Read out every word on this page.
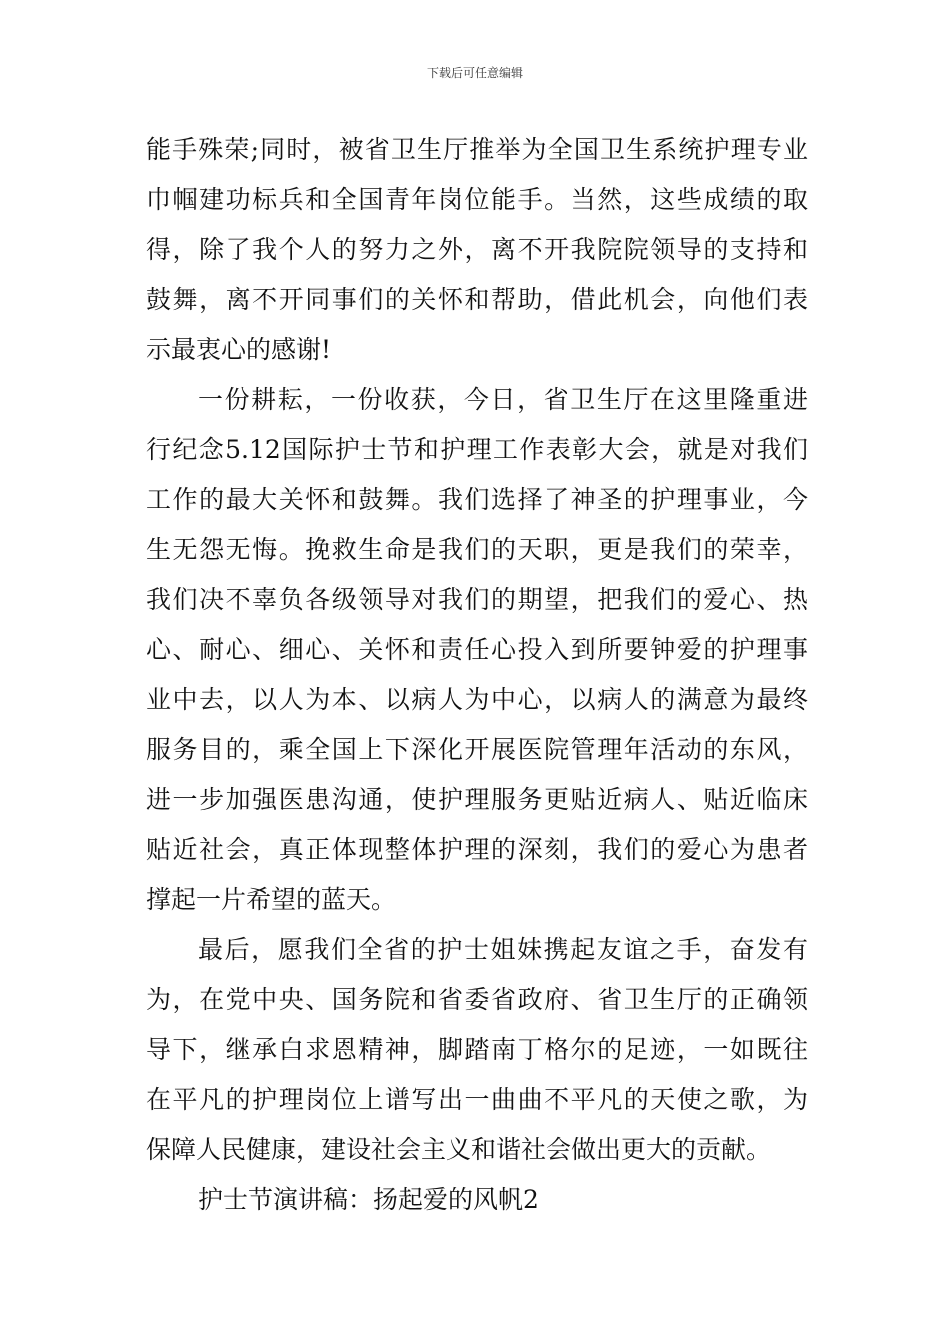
下载后可任意编辑
能手殊荣;同时，被省卫生厅推举为全国卫生系统护理专业
巾帼建功标兵和全国青年岗位能手。当然，这些成绩的取
得，除了我个人的努力之外，离不开我院院领导的支持和
鼓舞，离不开同事们的关怀和帮助，借此机会，向他们表
示最衷心的感谢!
一份耕耘，一份收获，今日，省卫生厅在这里隆重进
行纪念5.12国际护士节和护理工作表彰大会，就是对我们
工作的最大关怀和鼓舞。我们选择了神圣的护理事业，今
生无怨无悔。挽救生命是我们的天职，更是我们的荣幸，
我们决不辜负各级领导对我们的期望，把我们的爱心、热
心、耐心、细心、关怀和责任心投入到所要钟爱的护理事
业中去，以人为本、以病人为中心，以病人的满意为最终
服务目的，乘全国上下深化开展医院管理年活动的东风，
进一步加强医患沟通，使护理服务更贴近病人、贴近临床
贴近社会，真正体现整体护理的深刻，我们的爱心为患者
撑起一片希望的蓝天。
最后，愿我们全省的护士姐妹携起友谊之手，奋发有
为，在党中央、国务院和省委省政府、省卫生厅的正确领
导下，继承白求恩精神，脚踏南丁格尔的足迹，一如既往
在平凡的护理岗位上谱写出一曲曲不平凡的天使之歌，为
保障人民健康，建设社会主义和谐社会做出更大的贡献。
护士节演讲稿：扬起爱的风帆2
